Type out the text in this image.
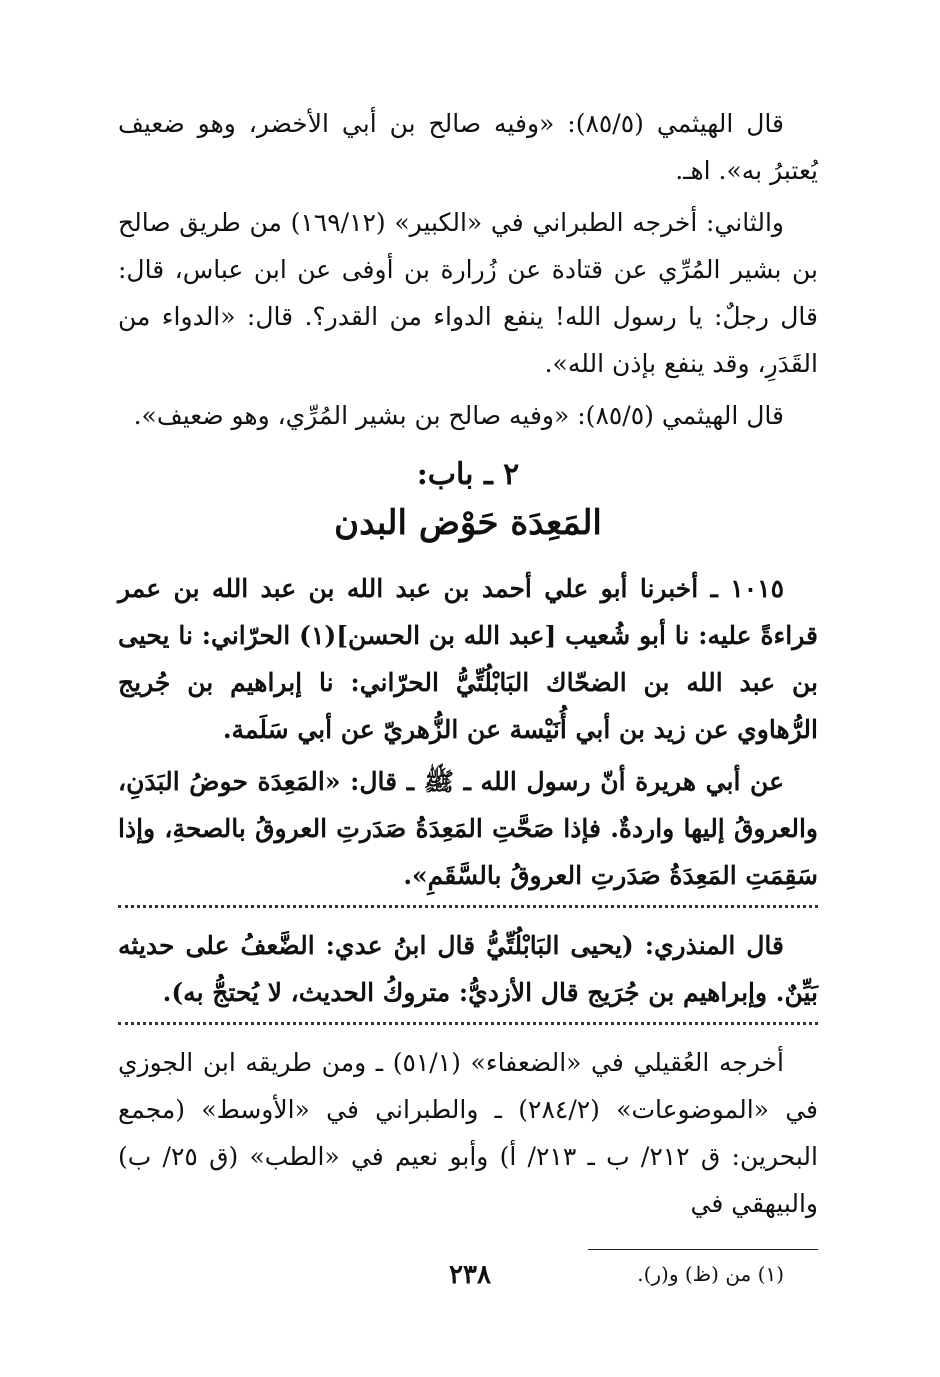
قال الهيثمي (٨٥/٥): «وفيه صالح بن أبي الأخضر، وهو ضعيف يُعتبرُ به». اهـ.

والثاني: أخرجه الطبراني في «الكبير» (١٦٩/١٢) من طريق صالح بن بشير المُرِّي عن قتادة عن زُرارة بن أوفى عن ابن عباس، قال: قال رجلٌ: يا رسول الله! ينفع الدواء من القدر؟. قال: «الدواء من القَدَرِ، وقد ينفع بإذن الله».

قال الهيثمي (٨٥/٥): «وفيه صالح بن بشير المُرِّي، وهو ضعيف».

٢ ـ باب:
المَعِدَة حَوْض البدن

١٠١٥ ـ أخبرنا أبو علي أحمد بن عبد الله بن عبد الله بن عمر قراءةً عليه: نا أبو شُعيب [عبد الله بن الحسن](١) الحرّاني: نا يحيى بن عبد الله بن الضحّاك البَابْلُتِّيُّ الحرّاني: نا إبراهيم بن جُريج الرُّهاوي عن زيد بن أبي أُنَيْسة عن الزُّهريّ عن أبي سَلَمة.

عن أبي هريرة أنّ رسول الله ـ ﷺ ـ قال: «المَعِدَة حوضُ البَدَنِ، والعروقُ إليها واردةٌ. فإذا صَحَّتِ المَعِدَةُ صَدَرتِ العروقُ بالصحةِ، وإذا سَقِمَتِ المَعِدَةُ صَدَرتِ العروقُ بالسَّقَمِ».

قال المنذري: (يحيى البَابْلُتِّيُّ قال ابنُ عدي: الضَّعفُ على حديثه بَيِّنٌ. وإبراهيم بن جُرَيج قال الأزديُّ: متروكُ الحديث، لا يُحتجُّ به).

أخرجه العُقيلي في «الضعفاء» (٥١/١) ـ ومن طريقه ابن الجوزي في «الموضوعات» (٢٨٤/٢) ـ والطبراني في «الأوسط» (مجمع البحرين: ق ٢١٢/ ب ـ ٢١٣/ أ) وأبو نعيم في «الطب» (ق ٢٥/ ب) والبيهقي في

(١) من (ظ) و(ر).

٢٣٨
